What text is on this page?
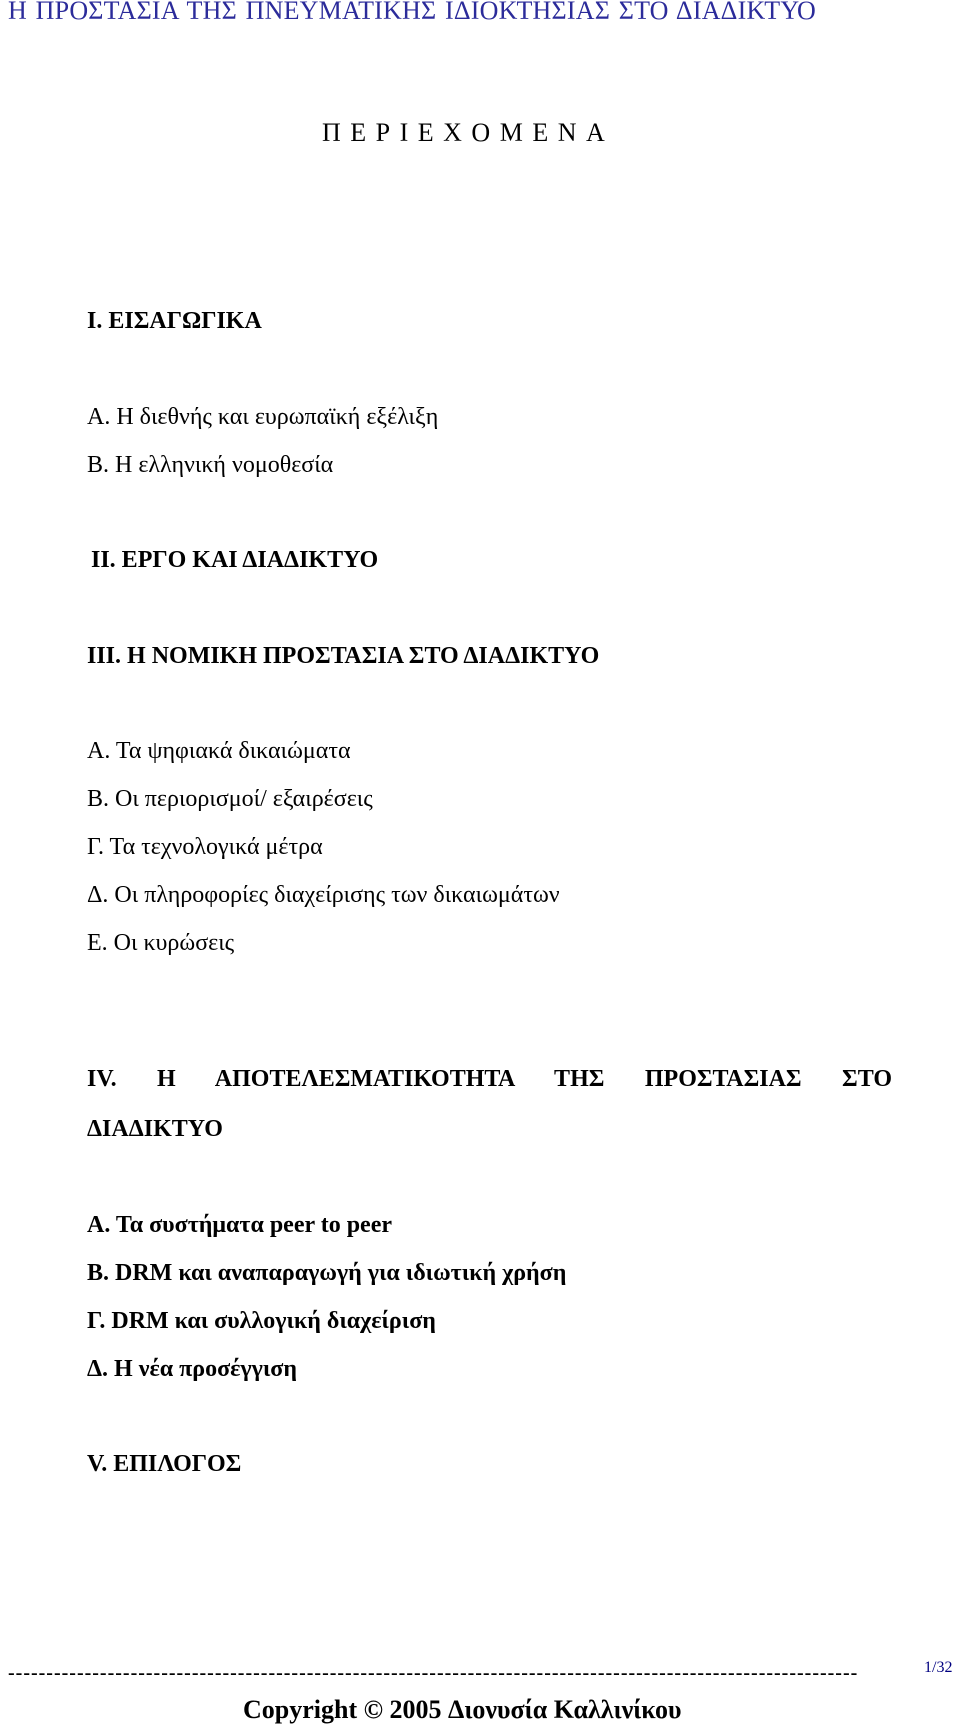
Η ΠΡΟΣΤΑΣΙΑ ΤΗΣ ΠΝΕΥΜΑΤΙΚΗΣ ΙΔΙΟΚΤΗΣΙΑΣ ΣΤΟ ΔΙΑΔΙΚΤΥΟ
ΠΕΡΙΕΧΟΜΕΝΑ
Ι. ΕΙΣΑΓΩΓΙΚΑ
Α. Η διεθνής και ευρωπαϊκή εξέλιξη
Β. Η ελληνική νομοθεσία
ΙΙ. ΕΡΓΟ ΚΑΙ ΔΙΑΔΙΚΤΥΟ
ΙΙΙ. Η ΝΟΜΙΚΗ ΠΡΟΣΤΑΣΙΑ ΣΤΟ ΔΙΑΔΙΚΤΥΟ
Α. Τα ψηφιακά δικαιώματα
Β. Οι περιορισμοί/ εξαιρέσεις
Γ. Τα τεχνολογικά μέτρα
Δ. Οι πληροφορίες διαχείρισης των δικαιωμάτων
Ε. Οι κυρώσεις
IV. Η ΑΠΟΤΕΛΕΣΜΑΤΙΚΟΤΗΤΑ ΤΗΣ ΠΡΟΣΤΑΣΙΑΣ ΣΤΟ
ΔΙΑΔΙΚΤΥΟ
Α. Τα συστήματα peer to peer
Β. DRM και αναπαραγωγή για ιδιωτική χρήση
Γ. DRM και συλλογική διαχείριση
Δ. Η νέα προσέγγιση
V. ΕΠΙΛΟΓΟΣ
---------------------------------------------------------------------------------------------------------------	1/32
Copyright © 2005 Διονυσία Καλλινίκου
